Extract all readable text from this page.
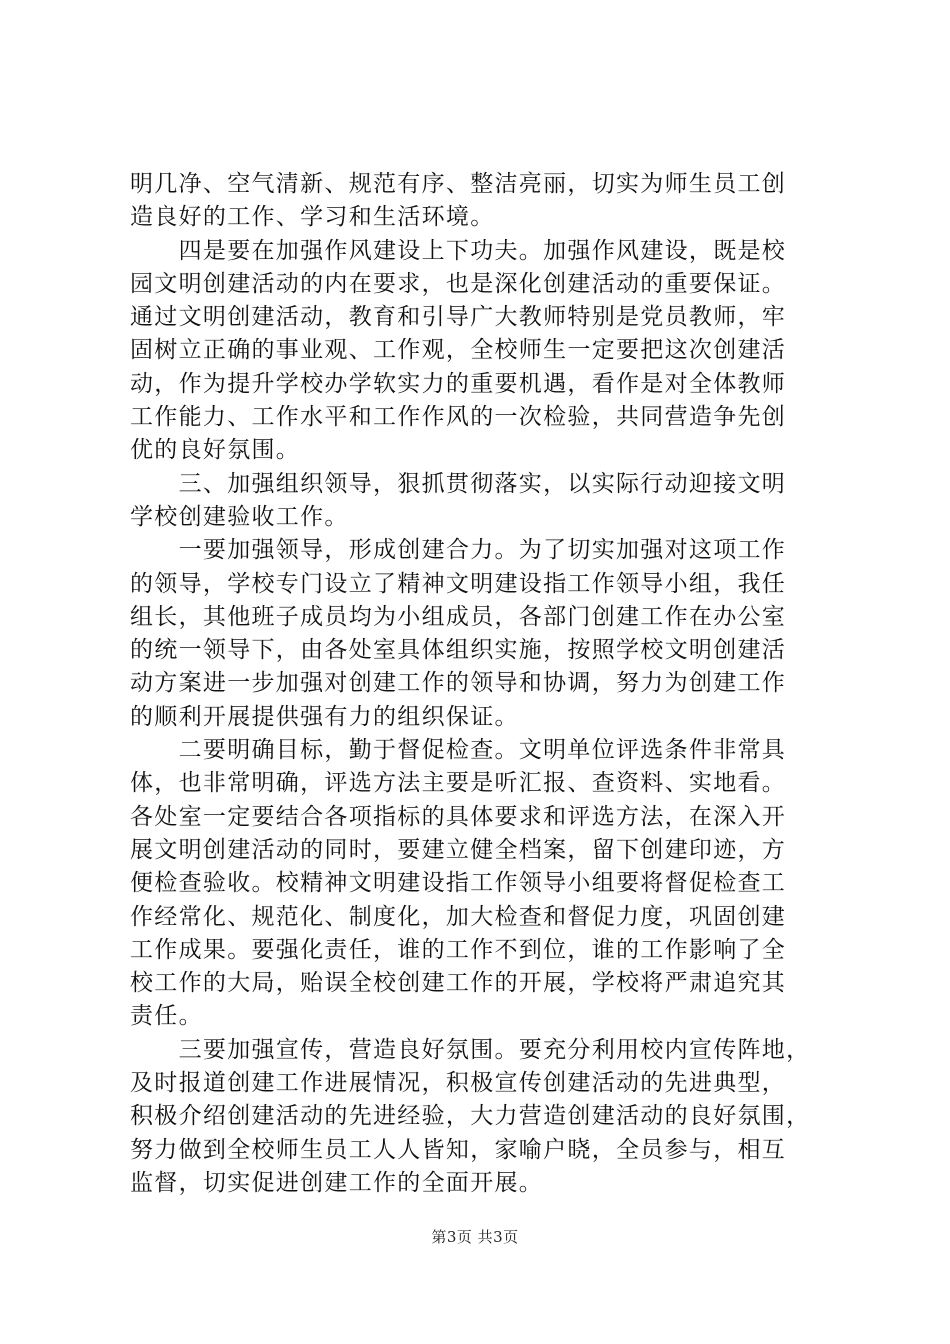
明几净、空气清新、规范有序、整洁亮丽，切实为师生员工创
造良好的工作、学习和生活环境。
　　四是要在加强作风建设上下功夫。加强作风建设，既是校
园文明创建活动的内在要求，也是深化创建活动的重要保证。
通过文明创建活动，教育和引导广大教师特别是党员教师，牢
固树立正确的事业观、工作观，全校师生一定要把这次创建活
动，作为提升学校办学软实力的重要机遇，看作是对全体教师
工作能力、工作水平和工作作风的一次检验，共同营造争先创
优的良好氛围。
　　三、加强组织领导，狠抓贯彻落实，以实际行动迎接文明
学校创建验收工作。
　　一要加强领导，形成创建合力。为了切实加强对这项工作
的领导，学校专门设立了精神文明建设指工作领导小组，我任
组长，其他班子成员均为小组成员，各部门创建工作在办公室
的统一领导下，由各处室具体组织实施，按照学校文明创建活
动方案进一步加强对创建工作的领导和协调，努力为创建工作
的顺利开展提供强有力的组织保证。
　　二要明确目标，勤于督促检查。文明单位评选条件非常具
体，也非常明确，评选方法主要是听汇报、查资料、实地看。
各处室一定要结合各项指标的具体要求和评选方法，在深入开
展文明创建活动的同时，要建立健全档案，留下创建印迹，方
便检查验收。校精神文明建设指工作领导小组要将督促检查工
作经常化、规范化、制度化，加大检查和督促力度，巩固创建
工作成果。要强化责任，谁的工作不到位，谁的工作影响了全
校工作的大局，贻误全校创建工作的开展，学校将严肃追究其
责任。
　　三要加强宣传，营造良好氛围。要充分利用校内宣传阵地，
及时报道创建工作进展情况，积极宣传创建活动的先进典型，
积极介绍创建活动的先进经验，大力营造创建活动的良好氛围，
努力做到全校师生员工人人皆知，家喻户晓，全员参与，相互
监督，切实促进创建工作的全面开展。
第3页 共3页
